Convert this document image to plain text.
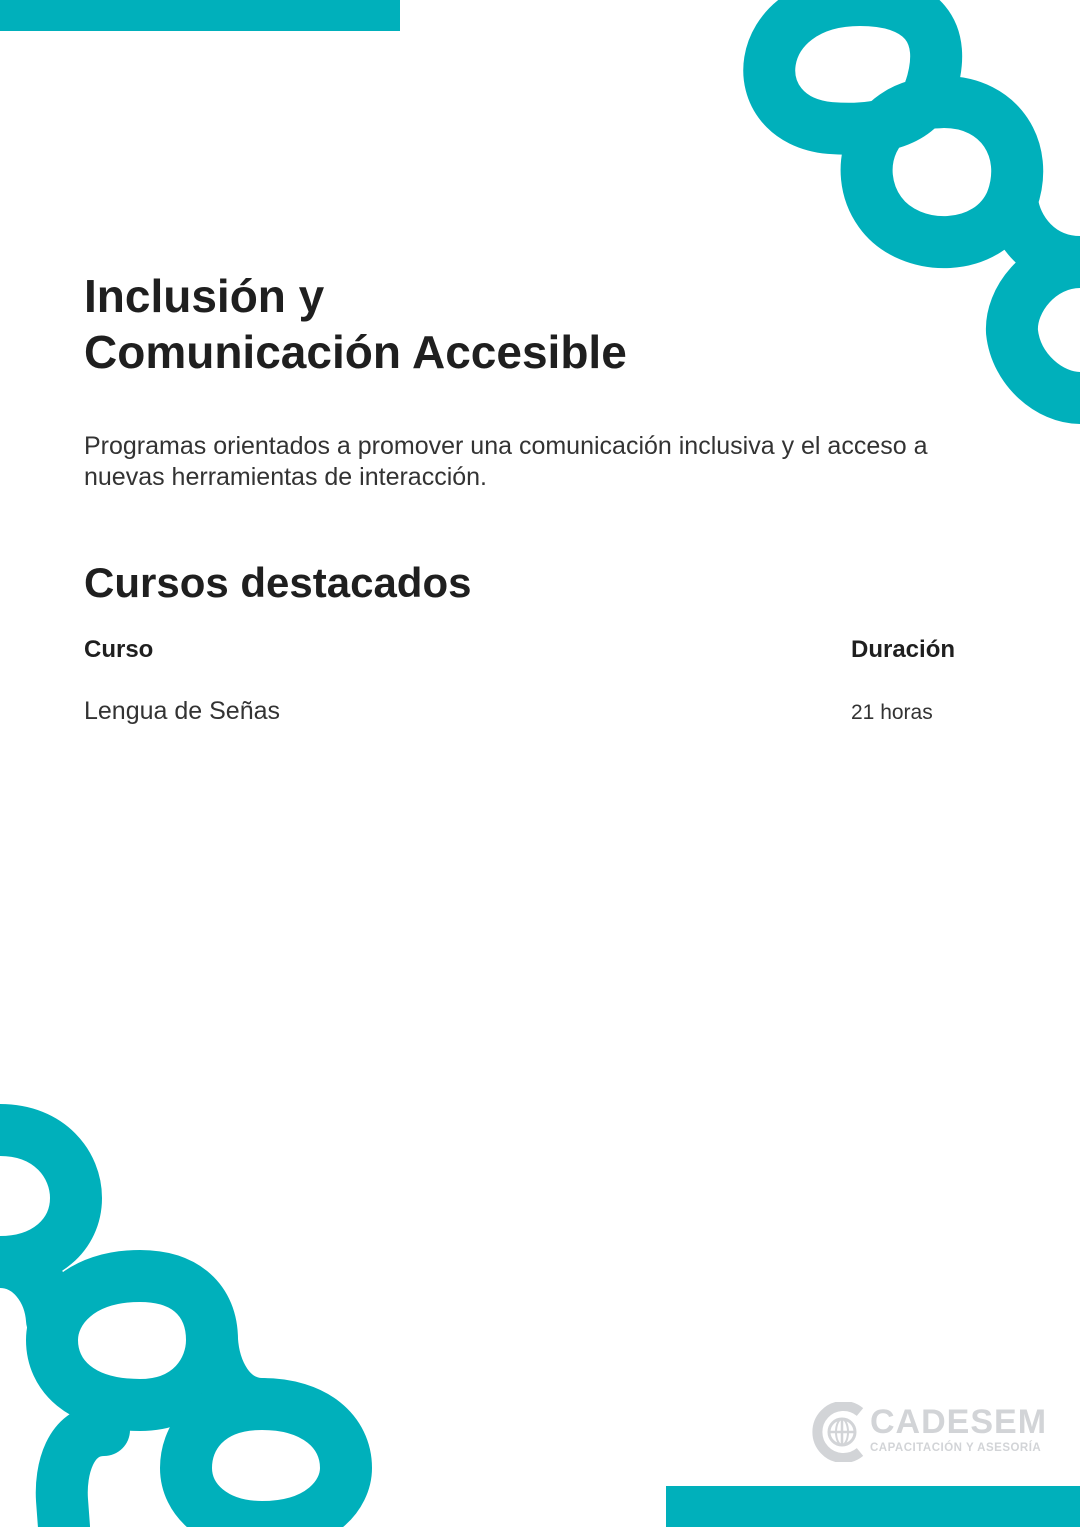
Inclusión y
Comunicación Accesible

Programas orientados a promover una comunicación inclusiva y el acceso a nuevas herramientas de interacción.

Cursos destacados
Curso	Duración
Lengua de Señas	21 horas
CADESEM
CAPACITACIÓN Y ASESORÍA
